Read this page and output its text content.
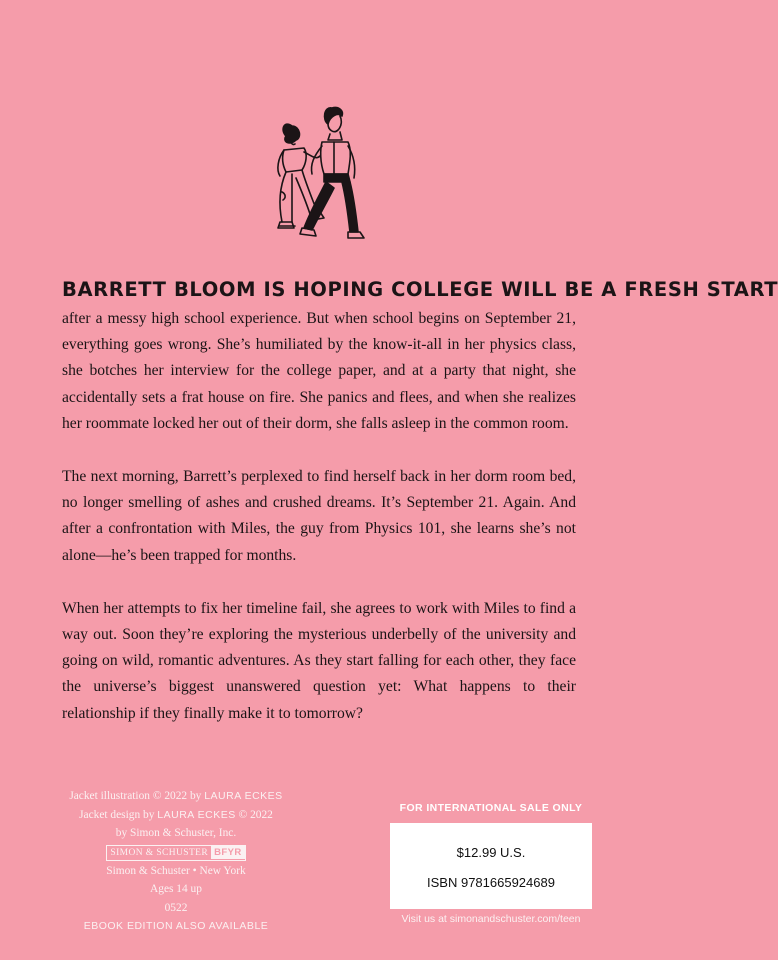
BARRETT BLOOM IS HOPING COLLEGE WILL BE A FRESH START

after a messy high school experience. But when school begins on September 21, everything goes wrong. She’s humiliated by the know-it-all in her physics class, she botches her interview for the college paper, and at a party that night, she accidentally sets a frat house on fire. She panics and flees, and when she realizes her roommate locked her out of their dorm, she falls asleep in the common room.

The next morning, Barrett’s perplexed to find herself back in her dorm room bed, no longer smelling of ashes and crushed dreams. It’s September 21. Again. And after a confrontation with Miles, the guy from Physics 101, she learns she’s not alone—he’s been trapped for months.

When her attempts to fix her timeline fail, she agrees to work with Miles to find a way out. Soon they’re exploring the mysterious underbelly of the university and going on wild, romantic adventures. As they start falling for each other, they face the universe’s biggest unanswered question yet: What happens to their relationship if they finally make it to tomorrow?

Jacket illustration © 2022 by LAURA ECKES
Jacket design by LAURA ECKES © 2022
by Simon & Schuster, Inc.
SIMON & SCHUSTER BFYR
Simon & Schuster • New York
Ages 14 up
0522
EBOOK EDITION ALSO AVAILABLE
FOR INTERNATIONAL SALE ONLY
$12.99 U.S.
ISBN 9781665924689
Visit us at simonandschuster.com/teen
